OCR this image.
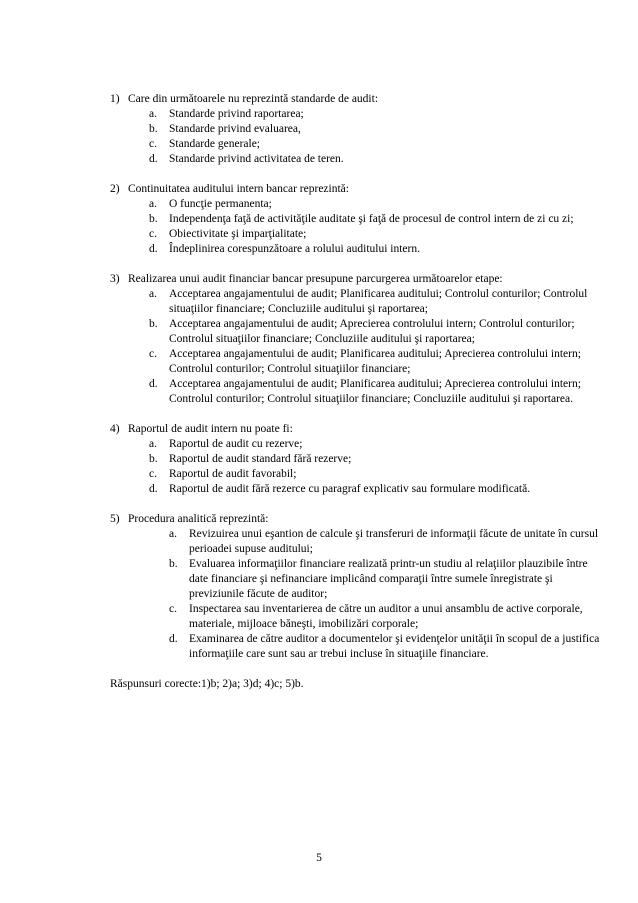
1) Care din următoarele nu reprezintă standarde de audit:
a. Standarde privind raportarea;
b. Standarde privind evaluarea,
c. Standarde generale;
d. Standarde privind activitatea de teren.
2) Continuitatea auditului intern bancar reprezintă:
a. O funcţie permanenta;
b. Independenţa faţă de activităţile auditate şi faţă de procesul de control intern de zi cu zi;
c. Obiectivitate şi imparţialitate;
d. Îndeplinirea corespunzătoare a rolului auditului intern.
3) Realizarea unui audit financiar bancar presupune parcurgerea următoarelor etape:
a. Acceptarea angajamentului de audit; Planificarea auditului; Controlul conturilor; Controlul situaţiilor financiare; Concluziile auditului şi raportarea;
b. Acceptarea angajamentului de audit; Aprecierea controlului intern; Controlul conturilor; Controlul situaţiilor financiare; Concluziile auditului şi raportarea;
c. Acceptarea angajamentului de audit; Planificarea auditului; Aprecierea controlului intern; Controlul conturilor; Controlul situaţiilor financiare;
d. Acceptarea angajamentului de audit; Planificarea auditului; Aprecierea controlului intern; Controlul conturilor; Controlul situaţiilor financiare; Concluziile auditului şi raportarea.
4) Raportul de audit intern nu poate fi:
a. Raportul de audit cu rezerve;
b. Raportul de audit standard fără rezerve;
c. Raportul de audit favorabil;
d. Raportul de audit fără rezerce cu paragraf explicativ sau formulare modificată.
5) Procedura analitică reprezintă:
a. Revizuirea unui eşantion de calcule şi transferuri de informaţii făcute de unitate în cursul perioadei supuse auditului;
b. Evaluarea informaţiilor financiare realizată printr-un studiu al relaţiilor plauzibile între date financiare şi nefinanciare implicând comparaţii între sumele înregistrate şi previziunile făcute de auditor;
c. Inspectarea sau inventarierea de către un auditor a unui ansamblu de active corporale, materiale, mijloace băneşti, imobilizări corporale;
d. Examinarea de către auditor a documentelor şi evidenţelor unităţii în scopul de a justifica informaţiile care sunt sau ar trebui incluse în situaţiile financiare.
Răspunsuri corecte:1)b; 2)a; 3)d; 4)c; 5)b.
5
